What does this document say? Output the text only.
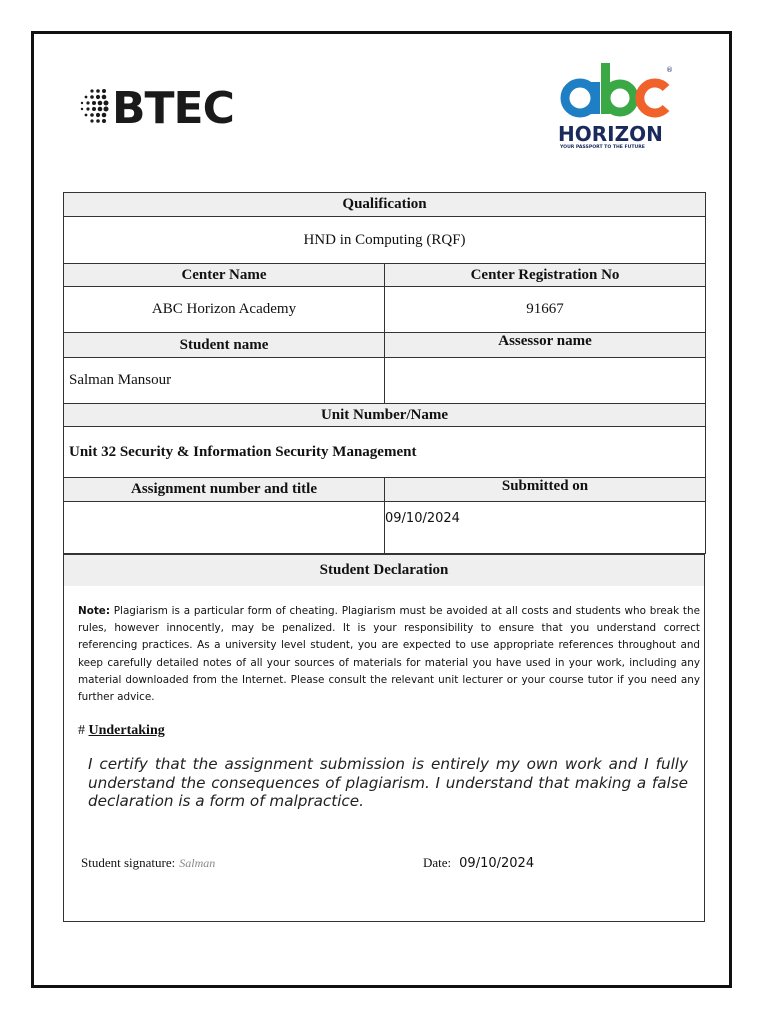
BTEC
®
HORIZON
YOUR PASSPORT TO THE FUTURE
Qualification	
HND in Computing (RQF)	
Center Name	Center Registration No
ABC Horizon Academy	91667
Student name	Assessor name
Salman Mansour	
Unit Number/Name	
Unit 32 Security & Information Security Management	
Assignment number and title	Submitted on
	09/10/2024
Student Declaration
Note: Plagiarism is a particular form of cheating. Plagiarism must be avoided at all costs and students who break the rules, however innocently, may be penalized. It is your responsibility to ensure that you understand correct referencing practices. As a university level student, you are expected to use appropriate references throughout and keep carefully detailed notes of all your sources of materials for material you have used in your work, including any material downloaded from the Internet. Please consult the relevant unit lecturer or your course tutor if you need any further advice.
# Undertaking
I certify that the assignment submission is entirely my own work and I fully understand the consequences of plagiarism. I understand that making a false declaration is a form of malpractice.
Student signature: Salman	Date: 09/10/2024
